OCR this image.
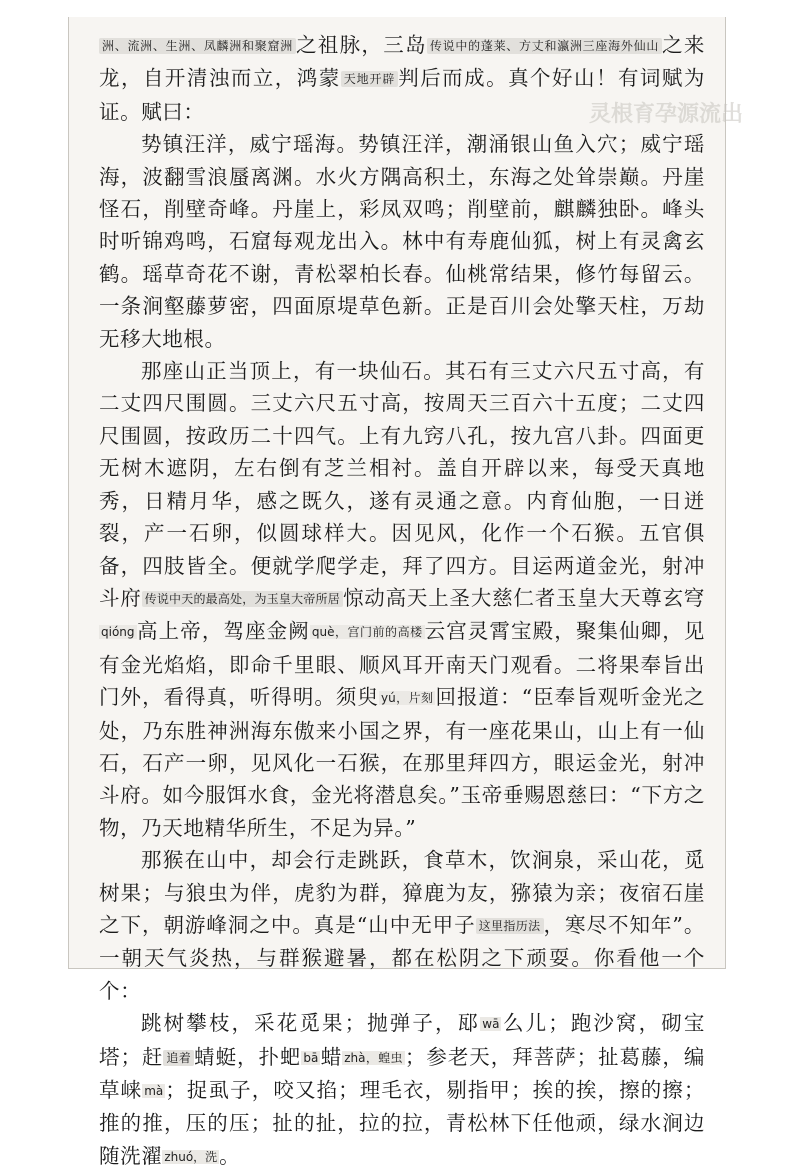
灵根育孕源流出

洲、流洲、生洲、凤麟洲和聚窟洲 之祖脉，三岛 传说中的蓬莱、方丈和瀛洲三座海外仙山 之来龙，自开清浊而立，鸿蒙 天地开辟 判后而成。真个好山！有词赋为证。赋曰：

势镇汪洋，威宁瑶海。势镇汪洋，潮涌银山鱼入穴；威宁瑶海，波翻雪浪蜃离渊。水火方隅高积土，东海之处耸崇巅。丹崖怪石，削壁奇峰。丹崖上，彩凤双鸣；削壁前，麒麟独卧。峰头时听锦鸡鸣，石窟每观龙出入。林中有寿鹿仙狐，树上有灵禽玄鹤。瑶草奇花不谢，青松翠柏长春。仙桃常结果，修竹每留云。一条涧壑藤萝密，四面原堤草色新。正是百川会处擎天柱，万劫无移大地根。

那座山正当顶上，有一块仙石。其石有三丈六尺五寸高，有二丈四尺围圆。三丈六尺五寸高，按周天三百六十五度；二丈四尺围圆，按政历二十四气。上有九窍八孔，按九宫八卦。四面更无树木遮阴，左右倒有芝兰相衬。盖自开辟以来，每受天真地秀，日精月华，感之既久，遂有灵通之意。内育仙胞，一日迸裂，产一石卵，似圆球样大。因见风，化作一个石猴。五官俱备，四肢皆全。便就学爬学走，拜了四方。目运两道金光，射冲斗府 传说中天的最高处，为玉皇大帝所居 惊动高天上圣大慈仁者玉皇大天尊玄穹qióng高上帝，驾座金阙 què，宫门前的高楼云宫灵霄宝殿，聚集仙卿，见有金光焰焰，即命千里眼、顺风耳开南天门观看。二将果奉旨出门外，看得真，听得明。须臾 yú，片刻回报道：“臣奉旨观听金光之处，乃东胜神洲海东傲来小国之界，有一座花果山，山上有一仙石，石产一卵，见风化一石猴，在那里拜四方，眼运金光，射冲斗府。如今服饵水食，金光将潜息矣。”玉帝垂赐恩慈曰：“下方之物，乃天地精华所生，不足为异。”

那猴在山中，却会行走跳跃，食草木，饮涧泉，采山花，觅树果；与狼虫为伴，虎豹为群，獐鹿为友，猕猿为亲；夜宿石崖之下，朝游峰洞之中。真是“山中无甲子 这里指历法 ，寒尽不知年”。一朝天气炎热，与群猴避暑，都在松阴之下顽耍。你看他一个个：

跳树攀枝，采花觅果；抛弹子，邷 wā么儿；跑沙窝，砌宝塔；赶 追着 蜻蜓，扑蚆 bā蜡 zhà，蝗虫；参老天，拜菩萨；扯葛藤，编草崃 mà；捉虱子，咬又掐；理毛衣，剔指甲；挨的挨，擦的擦；推的推，压的压；扯的扯，拉的拉，青松林下任他顽，绿水涧边随洗濯 zhuó，洗。
